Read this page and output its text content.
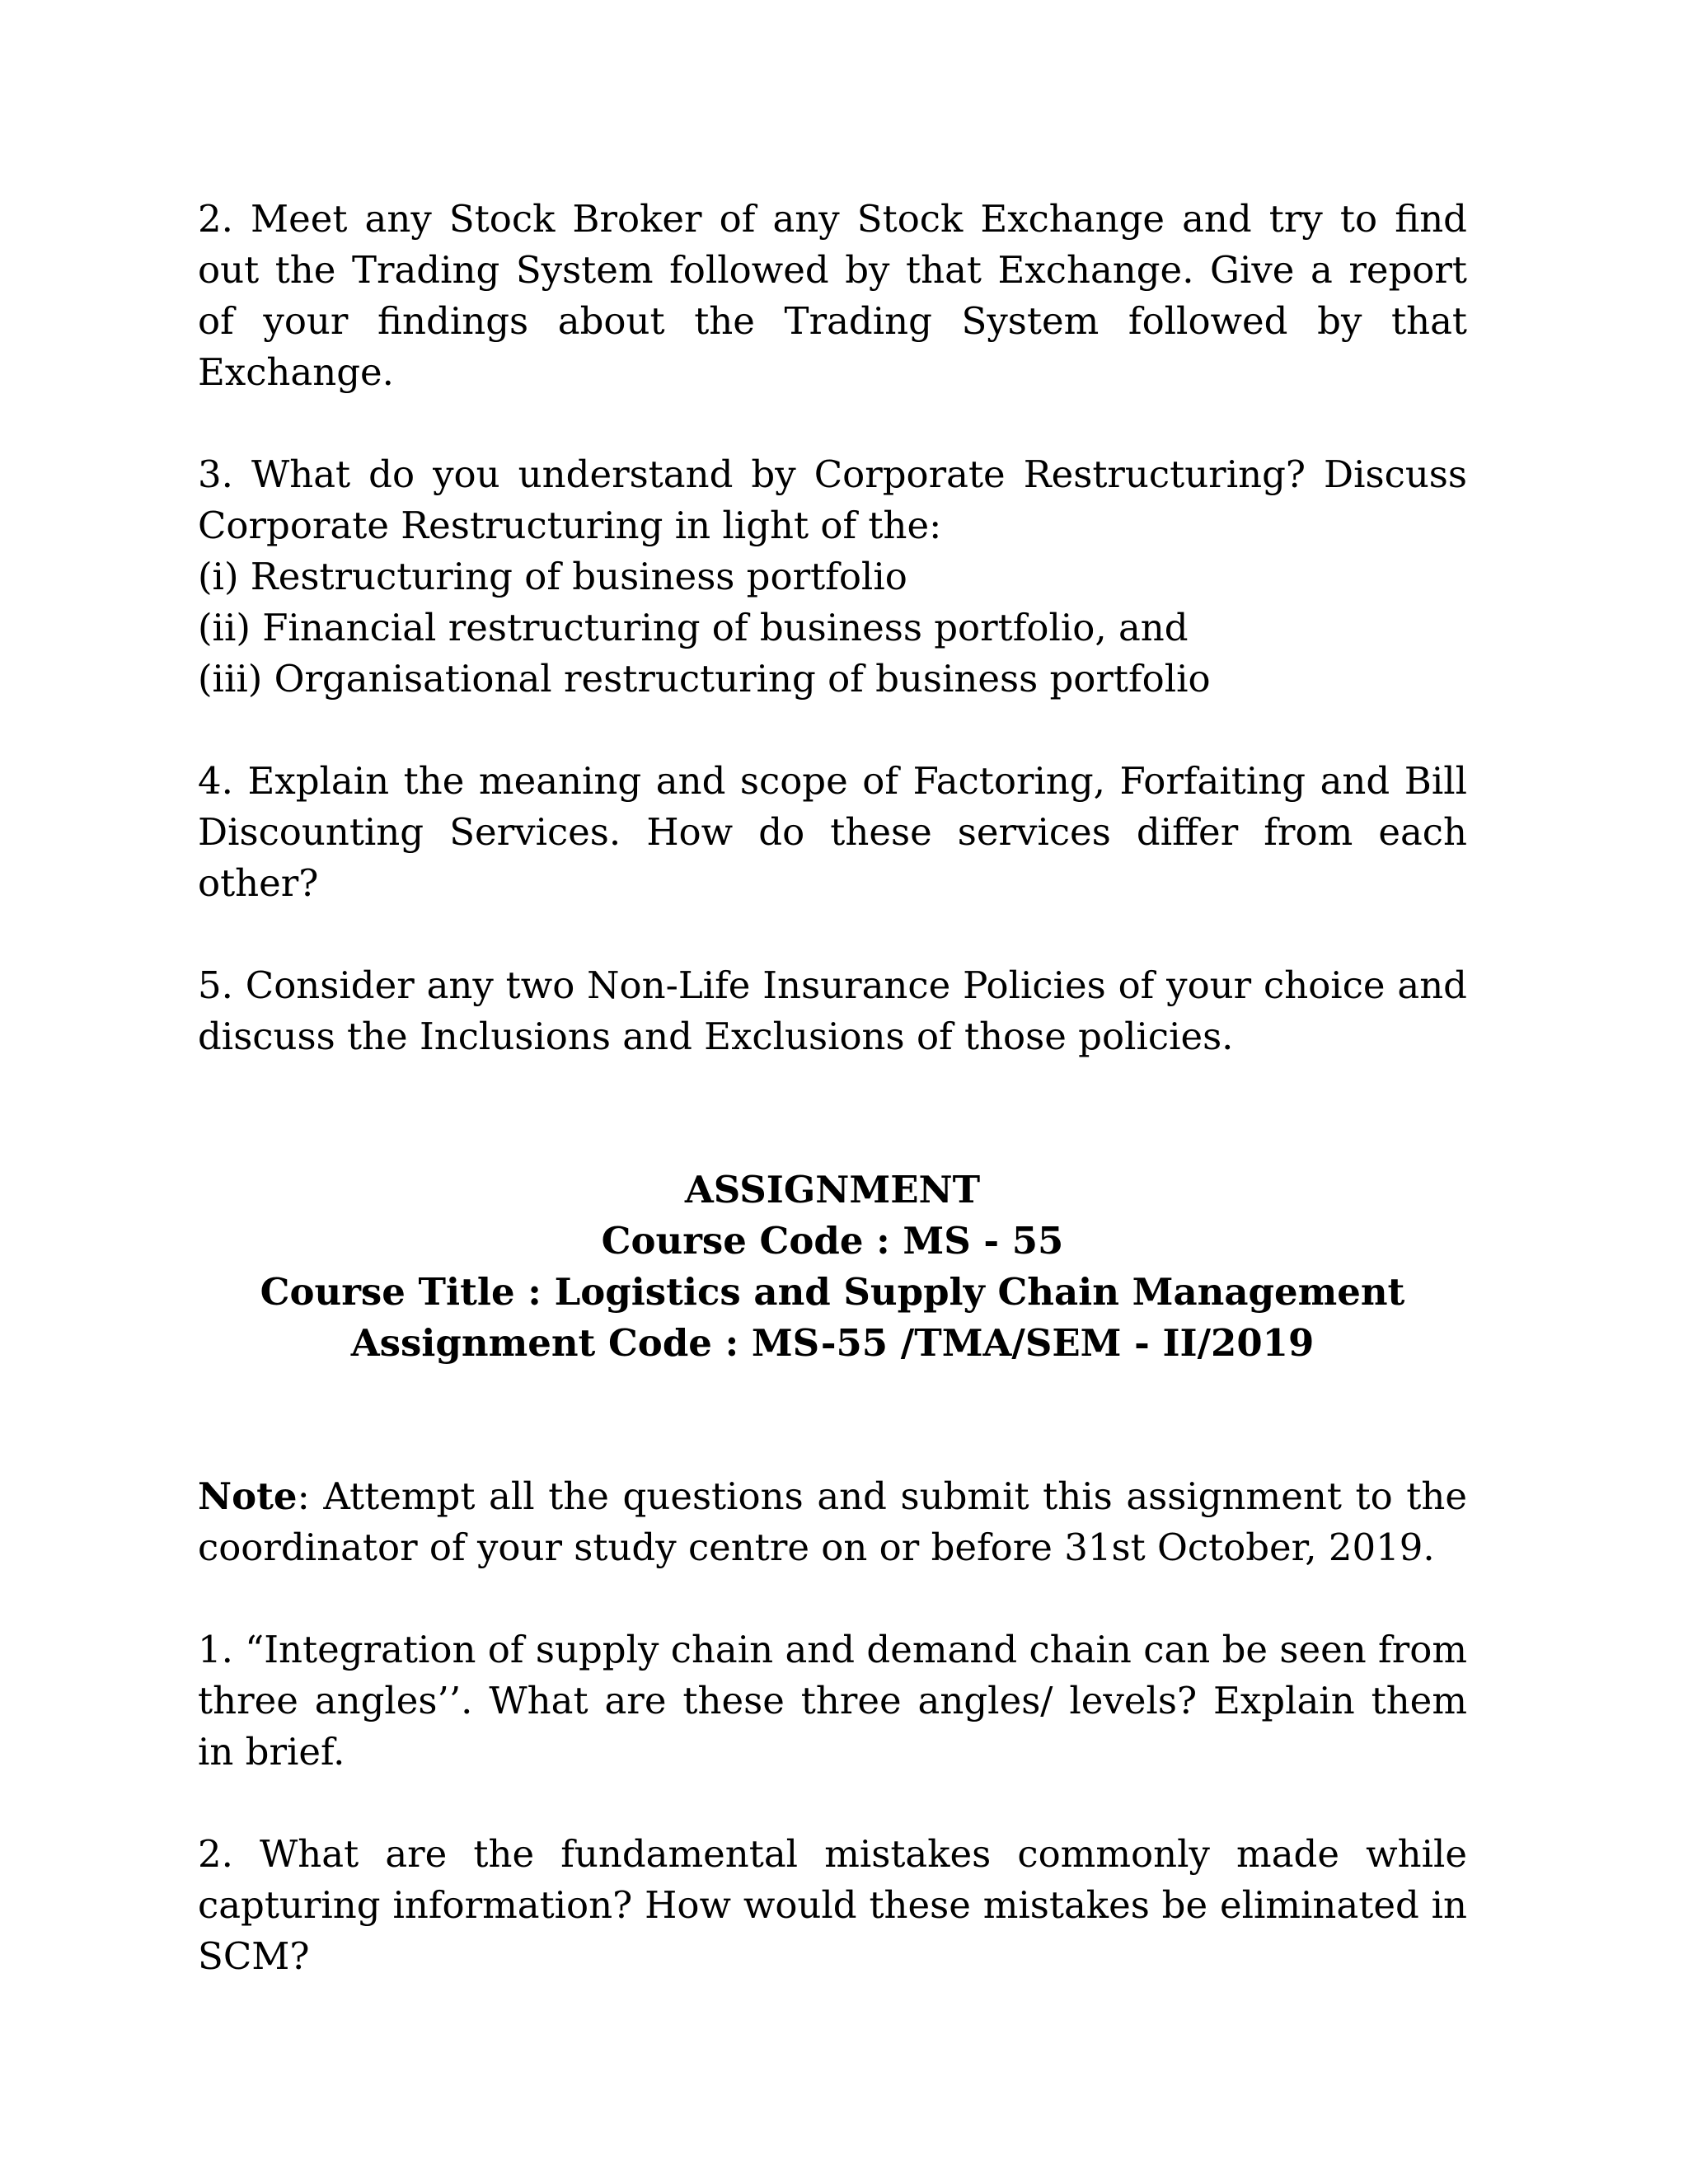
2. Meet any Stock Broker of any Stock Exchange and try to find out the Trading System followed by that Exchange. Give a report of your findings about the Trading System followed by that Exchange.

3. What do you understand by Corporate Restructuring? Discuss Corporate Restructuring in light of the:
(i) Restructuring of business portfolio
(ii) Financial restructuring of business portfolio, and
(iii) Organisational restructuring of business portfolio

4. Explain the meaning and scope of Factoring, Forfaiting and Bill Discounting Services. How do these services differ from each other?

5. Consider any two Non-Life Insurance Policies of your choice and discuss the Inclusions and Exclusions of those policies.

ASSIGNMENT
Course Code : MS - 55
Course Title : Logistics and Supply Chain Management
Assignment Code : MS-55 /TMA/SEM - II/2019

Note: Attempt all the questions and submit this assignment to the coordinator of your study centre on or before 31st October, 2019.

1. “Integration of supply chain and demand chain can be seen from three angles’’. What are these three angles/ levels? Explain them in brief.

2. What are the fundamental mistakes commonly made while capturing information? How would these mistakes be eliminated in SCM?
